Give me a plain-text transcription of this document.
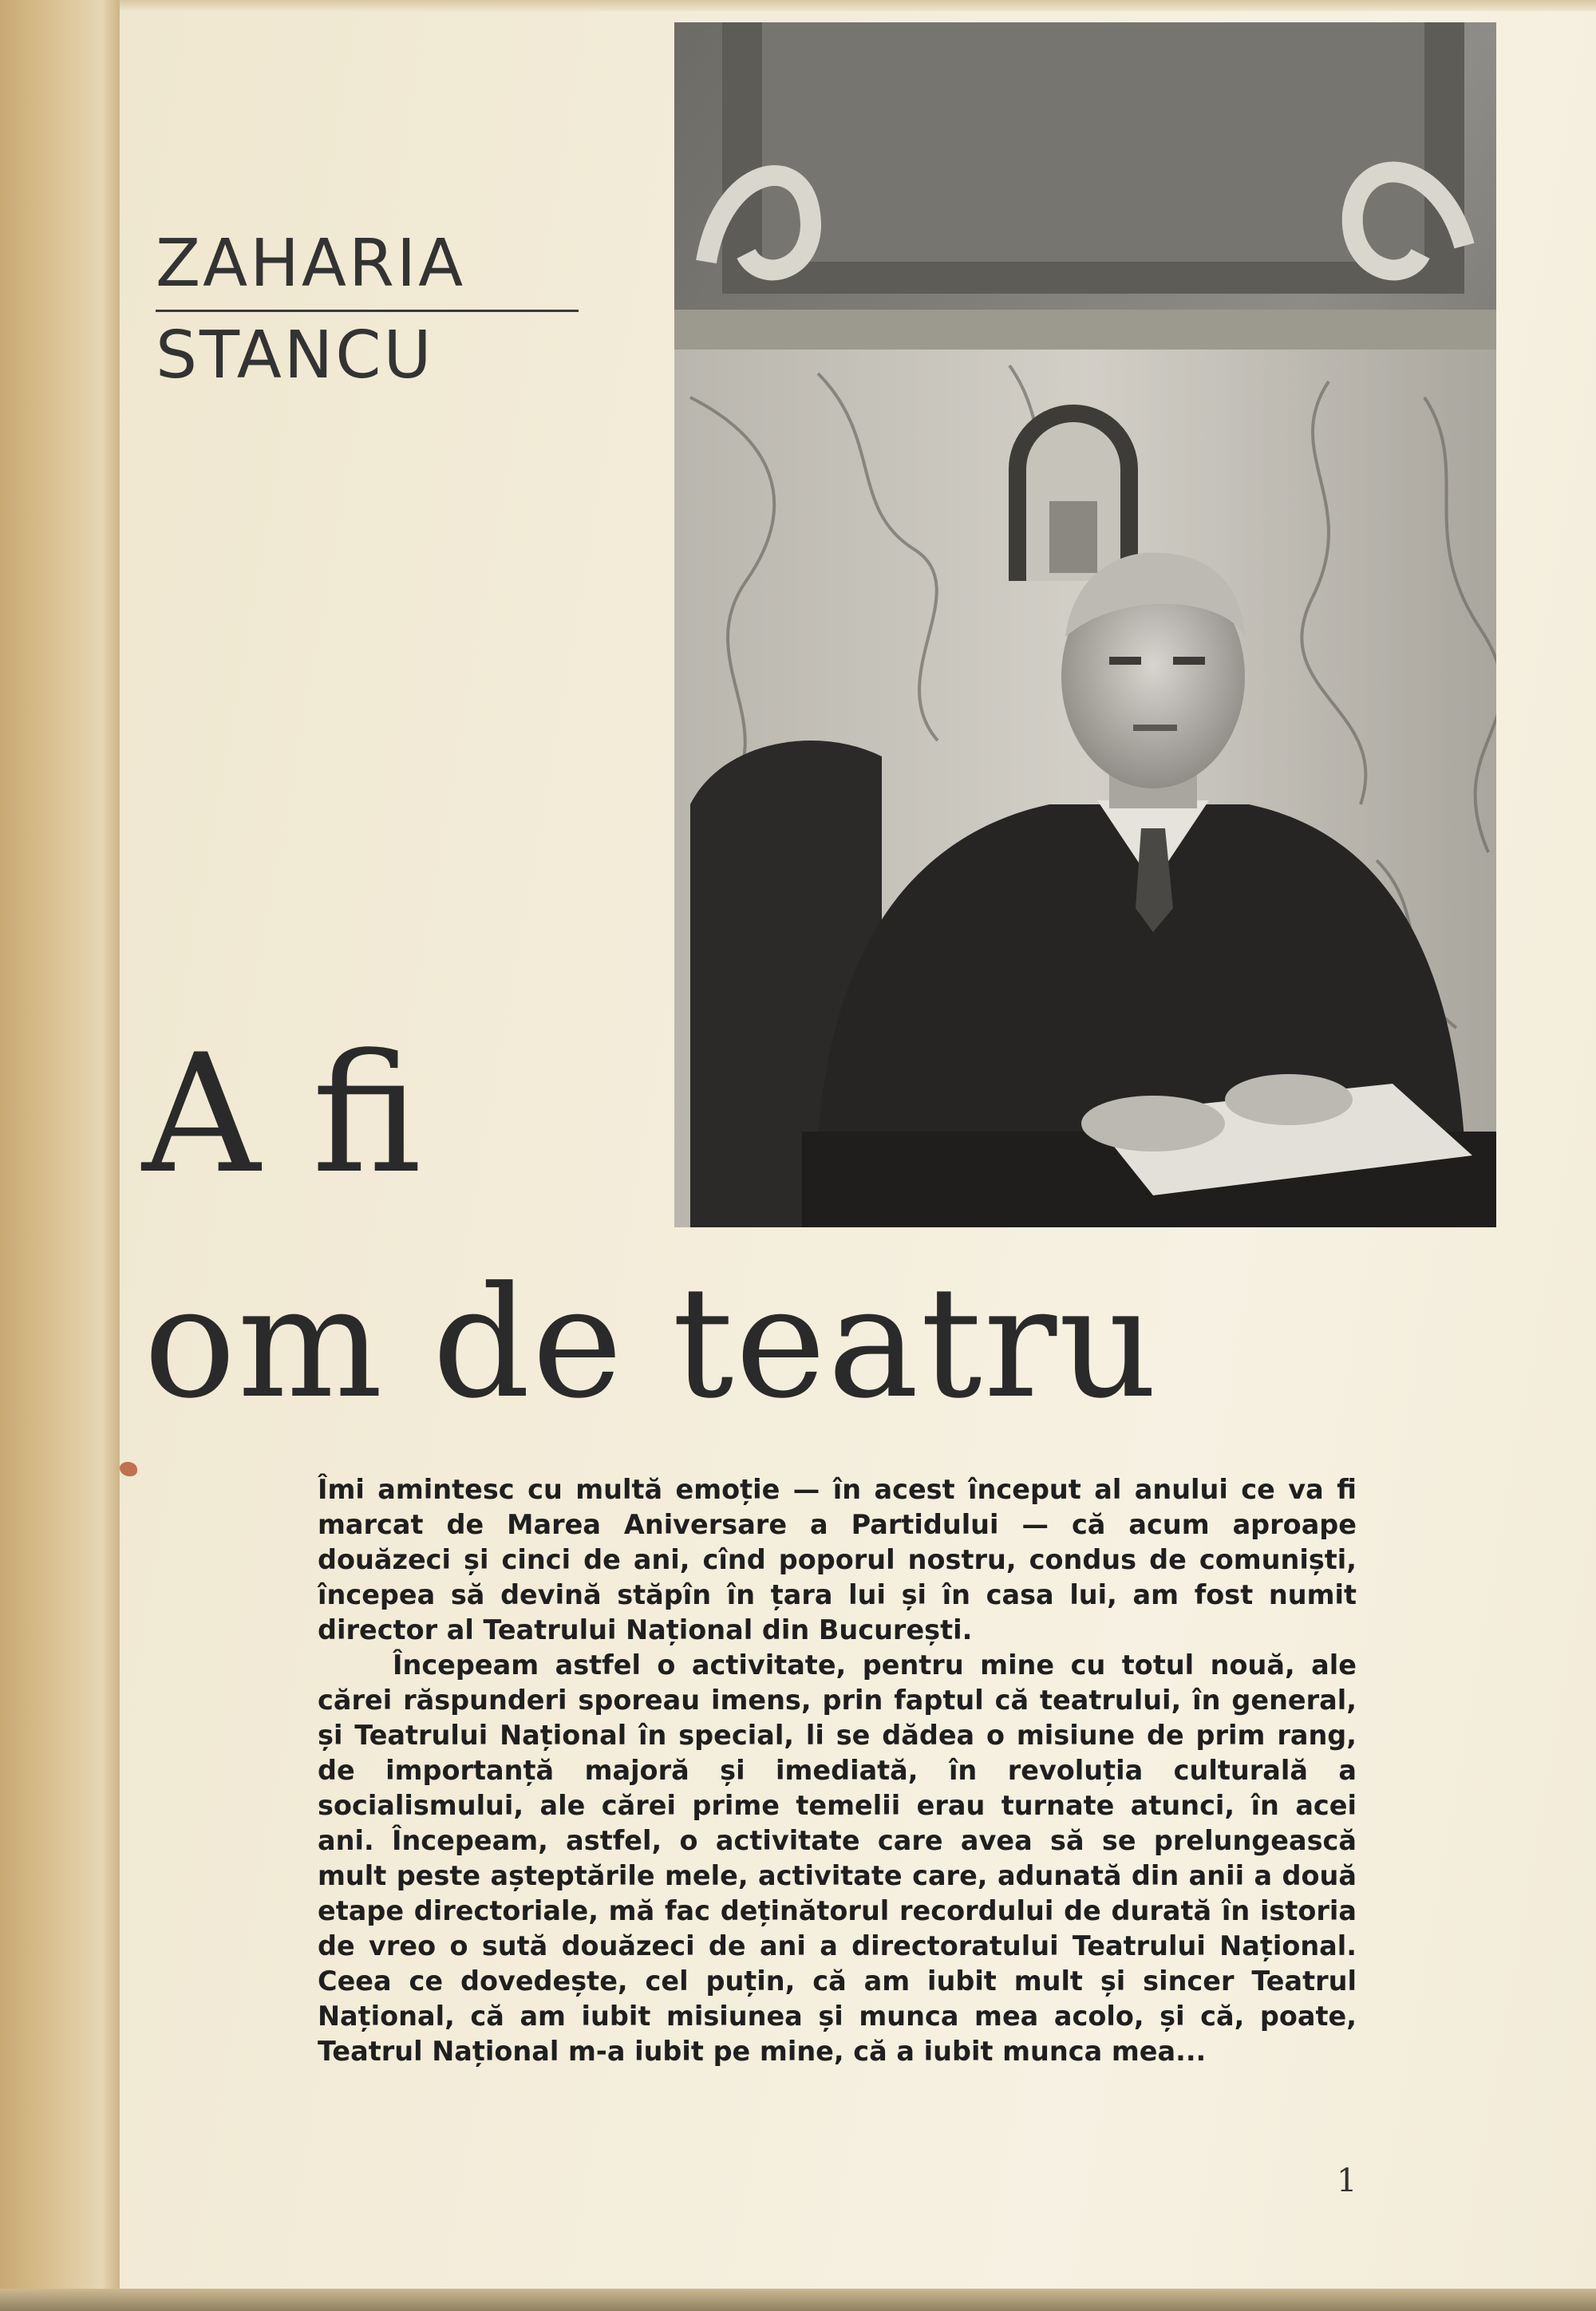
ZAHARIA
STANCU
A fi
om de teatru

Îmi amintesc cu multă emoție — în acest început al anului ce va fi marcat de Marea Aniversare a Partidului — că acum aproape douăzeci și cinci de ani, cînd poporul nostru, condus de comuniști, începea să devină stăpîn în țara lui și în casa lui, am fost numit director al Teatrului Național din București.

Începeam astfel o activitate, pentru mine cu totul nouă, ale cărei răspunderi sporeau imens, prin faptul că teatrului, în general, și Teatrului Național în special, li se dădea o misiune de prim rang, de importanță majoră și imediată, în revoluția culturală a socialismului, ale cărei prime temelii erau turnate atunci, în acei ani. Începeam, astfel, o activitate care avea să se prelungească mult peste așteptările mele, activitate care, adunată din anii a două etape directoriale, mă fac deținătorul recordului de durată în istoria de vreo o sută douăzeci de ani a directoratului Teatrului Național. Ceea ce dovedește, cel puțin, că am iubit mult și sincer Teatrul Național, că am iubit misiunea și munca mea acolo, și că, poate, Teatrul Național m-a iubit pe mine, că a iubit munca mea...

1
